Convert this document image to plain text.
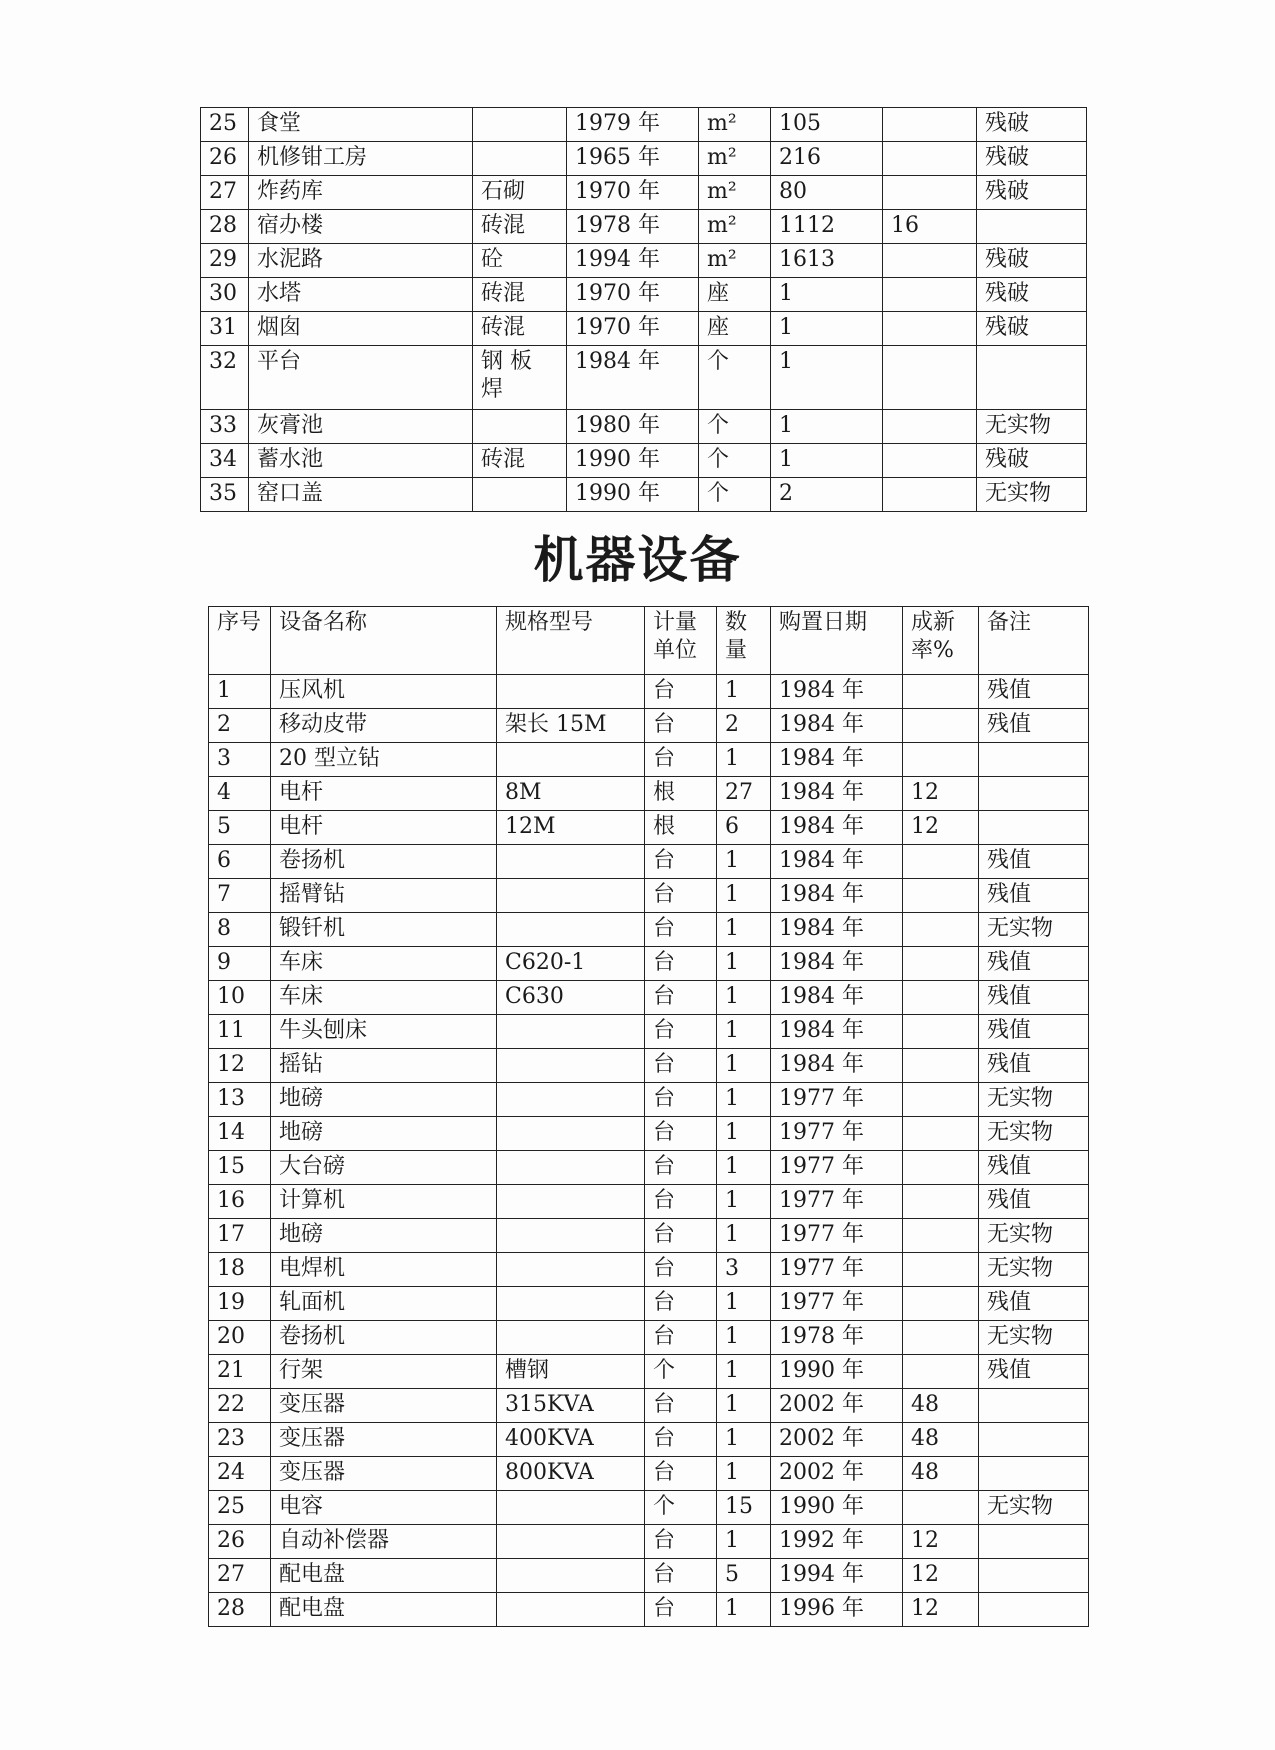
25	食堂		1979 年	m²	105		残破
26	机修钳工房		1965 年	m²	216		残破
27	炸药库	石砌	1970 年	m²	80		残破
28	宿办楼	砖混	1978 年	m²	1112	16	
29	水泥路	砼	1994 年	m²	1613		残破
30	水塔	砖混	1970 年	座	1		残破
31	烟囱	砖混	1970 年	座	1		残破
32	平台	钢 板 焊	1984 年	个	1		
33	灰膏池		1980 年	个	1		无实物
34	蓄水池	砖混	1990 年	个	1		残破
35	窑口盖		1990 年	个	2		无实物
机器设备
序号	设备名称	规格型号	计量单位	数量	购置日期	成新率%	备注
1	压风机		台	1	1984 年		残值
2	移动皮带	架长 15M	台	2	1984 年		残值
3	20 型立钻		台	1	1984 年		
4	电杆	8M	根	27	1984 年	12	
5	电杆	12M	根	6	1984 年	12	
6	卷扬机		台	1	1984 年		残值
7	摇臂钻		台	1	1984 年		残值
8	锻钎机		台	1	1984 年		无实物
9	车床	C620-1	台	1	1984 年		残值
10	车床	C630	台	1	1984 年		残值
11	牛头刨床		台	1	1984 年		残值
12	摇钻		台	1	1984 年		残值
13	地磅		台	1	1977 年		无实物
14	地磅		台	1	1977 年		无实物
15	大台磅		台	1	1977 年		残值
16	计算机		台	1	1977 年		残值
17	地磅		台	1	1977 年		无实物
18	电焊机		台	3	1977 年		无实物
19	轧面机		台	1	1977 年		残值
20	卷扬机		台	1	1978 年		无实物
21	行架	槽钢	个	1	1990 年		残值
22	变压器	315KVA	台	1	2002 年	48	
23	变压器	400KVA	台	1	2002 年	48	
24	变压器	800KVA	台	1	2002 年	48	
25	电容		个	15	1990 年		无实物
26	自动补偿器		台	1	1992 年	12	
27	配电盘		台	5	1994 年	12	
28	配电盘		台	1	1996 年	12	
